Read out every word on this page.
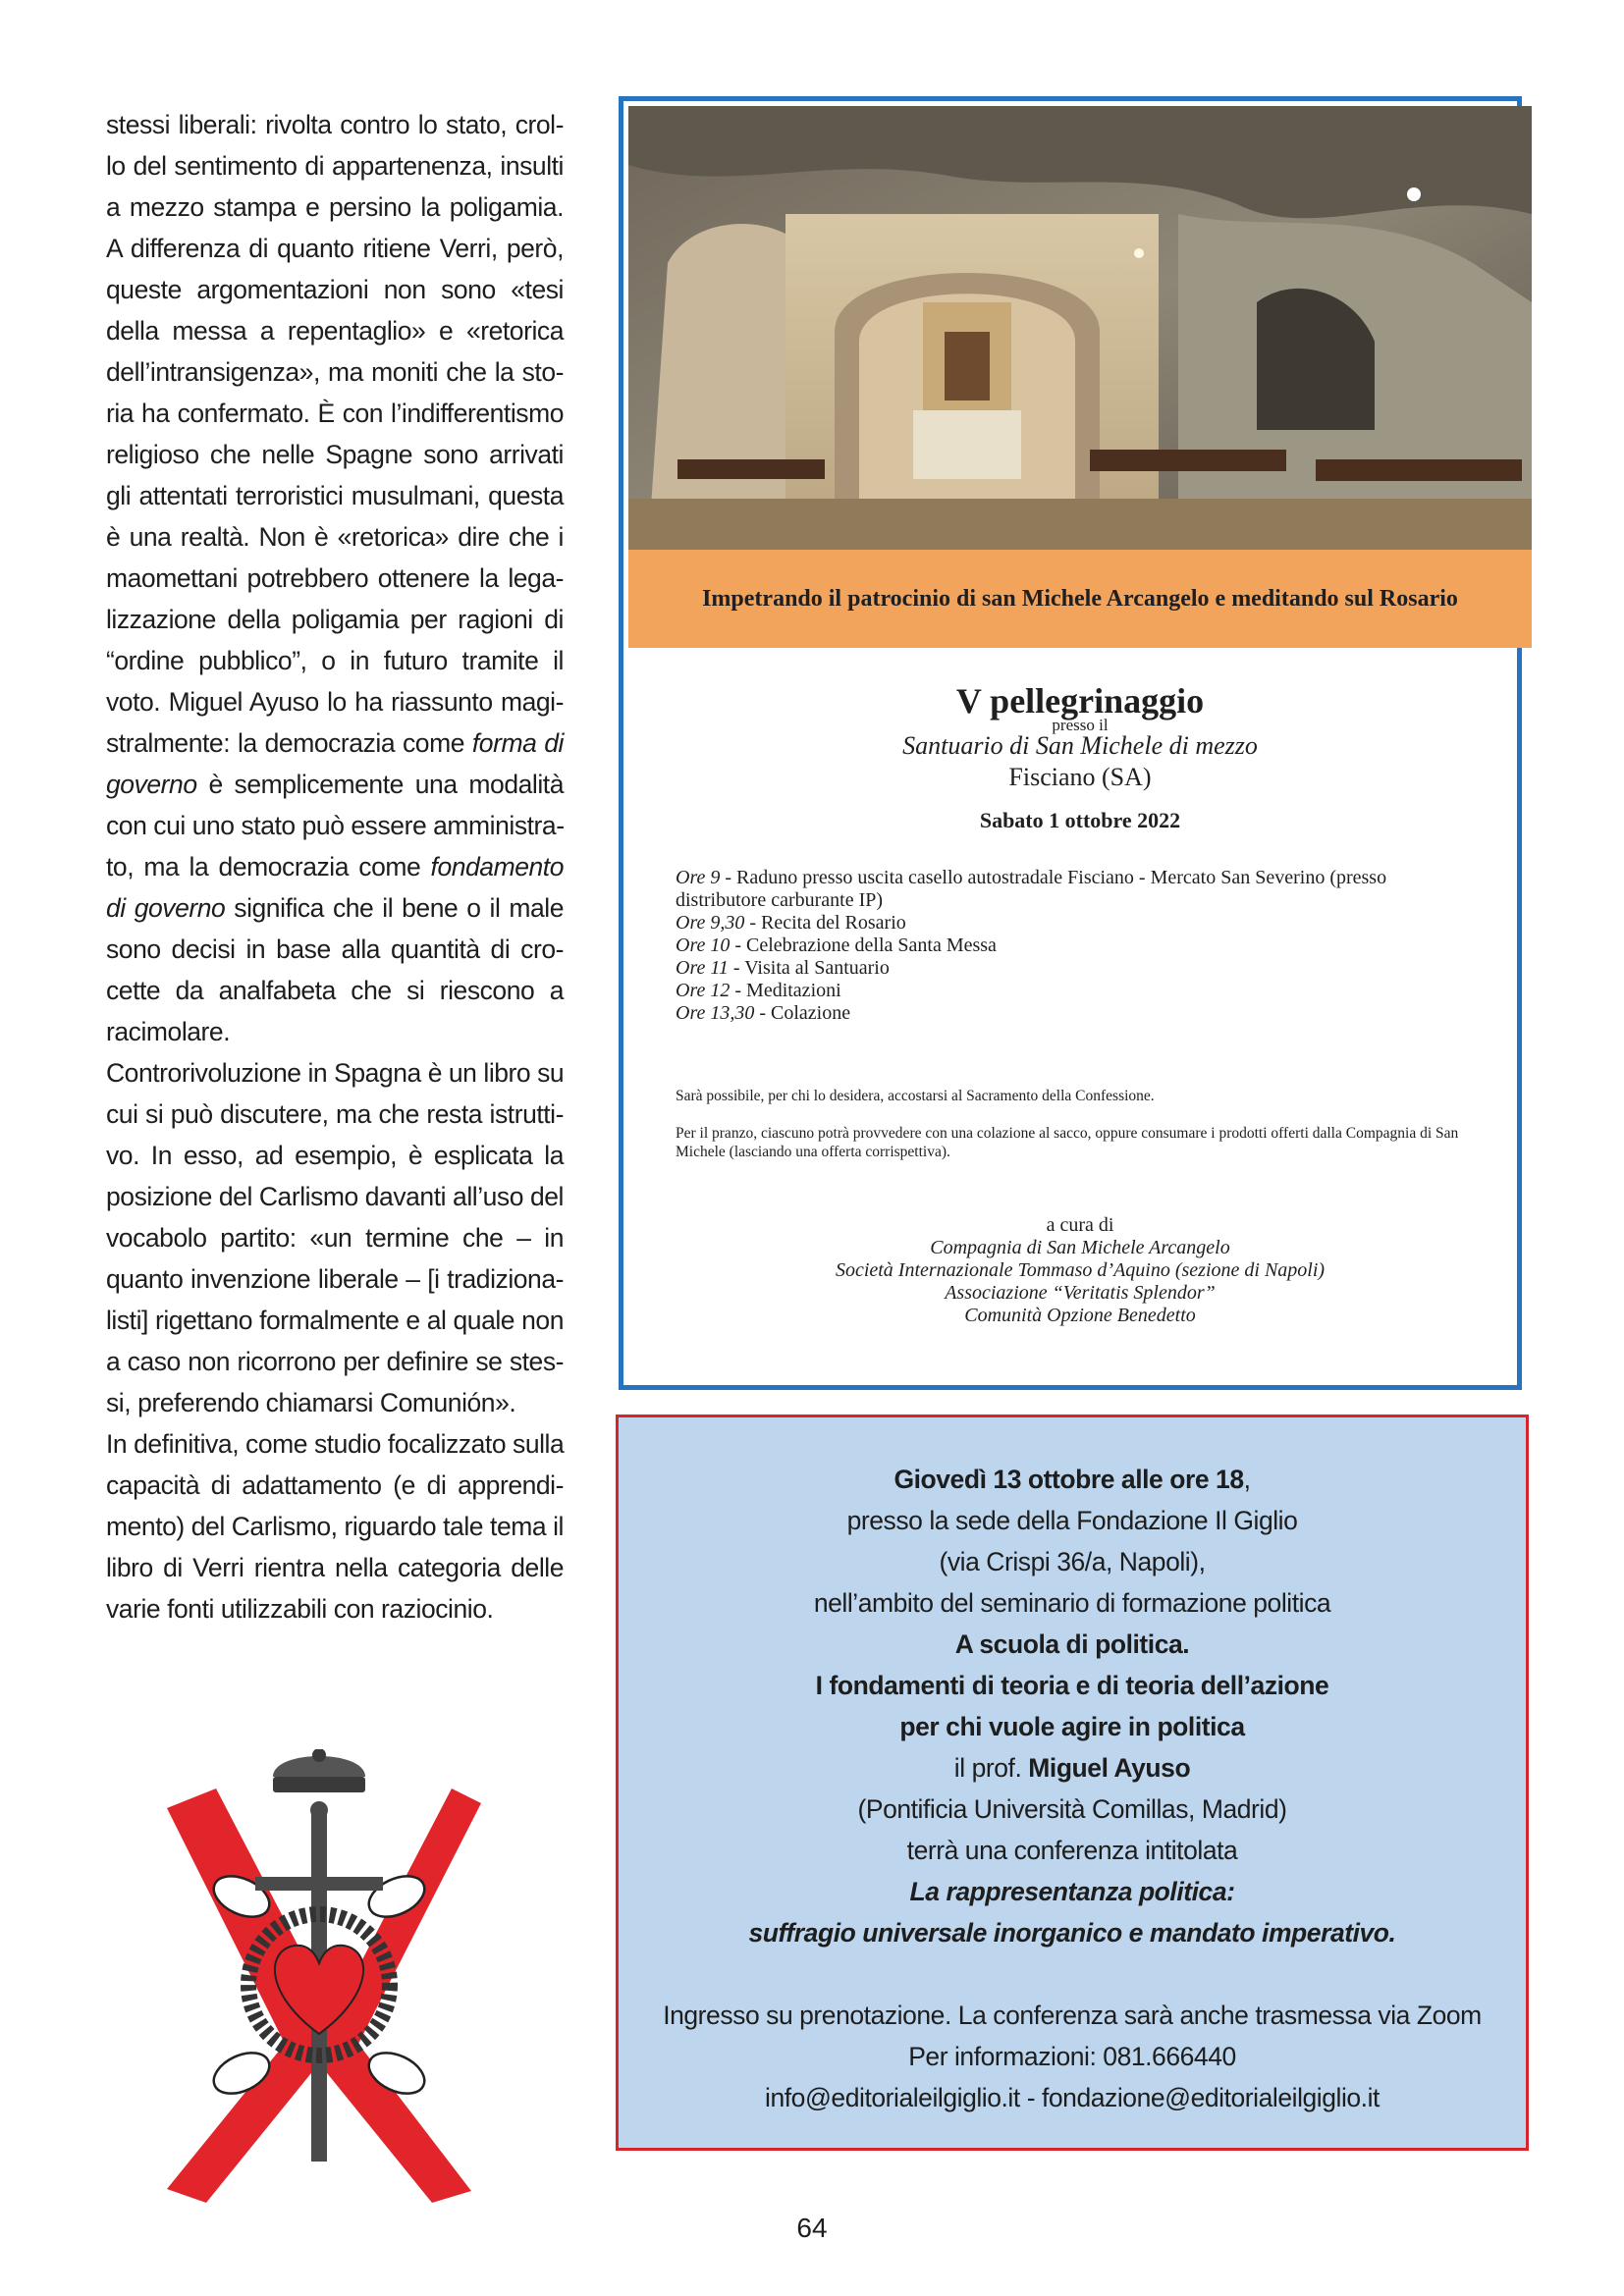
stessi liberali: rivolta contro lo stato, crol-
lo del sentimento di appartenenza, insulti
a mezzo stampa e persino la poligamia.
A differenza di quanto ritiene Verri, però,
queste argomentazioni non sono «tesi
della messa a repentaglio» e «retorica
dell’intransigenza», ma moniti che la sto-
ria ha confermato. È con l’indifferentismo
religioso che nelle Spagne sono arrivati
gli attentati terroristici musulmani, questa
è una realtà. Non è «retorica» dire che i
maomettani potrebbero ottenere la lega-
lizzazione della poligamia per ragioni di
“ordine pubblico”, o in futuro tramite il
voto. Miguel Ayuso lo ha riassunto magi-
stralmente: la democrazia come forma di
governo è semplicemente una modalità
con cui uno stato può essere amministra-
to, ma la democrazia come fondamento
di governo significa che il bene o il male
sono decisi in base alla quantità di cro-
cette da analfabeta che si riescono a
racimolare.
Controrivoluzione in Spagna è un libro su
cui si può discutere, ma che resta istrutti-
vo. In esso, ad esempio, è esplicata la
posizione del Carlismo davanti all’uso del
vocabolo partito: «un termine che – in
quanto invenzione liberale – [i tradiziona-
listi] rigettano formalmente e al quale non
a caso non ricorrono per definire se stes-
si, preferendo chiamarsi Comunión».
In definitiva, come studio focalizzato sulla
capacità di adattamento (e di apprendi-
mento) del Carlismo, riguardo tale tema il
libro di Verri rientra nella categoria delle
varie fonti utilizzabili con raziocinio.
Impetrando il patrocinio di san Michele Arcangelo e meditando sul Rosario
V pellegrinaggio
presso il
Santuario di San Michele di mezzo
Fisciano (SA)
Sabato 1 ottobre 2022
Ore 9 - Raduno presso uscita casello autostradale Fisciano - Mercato San Severino (presso
distributore carburante IP)
Ore 9,30 - Recita del Rosario
Ore 10 - Celebrazione della Santa Messa
Ore 11 - Visita al Santuario
Ore 12 - Meditazioni
Ore 13,30 - Colazione
Sarà possibile, per chi lo desidera, accostarsi al Sacramento della Confessione.
Per il pranzo, ciascuno potrà provvedere con una colazione al sacco, oppure consumare i prodotti offerti dalla Compagnia di San Michele (lasciando una offerta corrispettiva).
a cura di
Compagnia di San Michele Arcangelo
Società Internazionale Tommaso d’Aquino (sezione di Napoli)
Associazione “Veritatis Splendor”
Comunità Opzione Benedetto
Giovedì 13 ottobre alle ore 18,
presso la sede della Fondazione Il Giglio
(via Crispi 36/a, Napoli),
nell’ambito del seminario di formazione politica
A scuola di politica.
I fondamenti di teoria e di teoria dell’azione
per chi vuole agire in politica
il prof. Miguel Ayuso
(Pontificia Università Comillas, Madrid)
terrà una conferenza intitolata
La rappresentanza politica:
suffragio universale inorganico e mandato imperativo.
Ingresso su prenotazione. La conferenza sarà anche trasmessa via Zoom
Per informazioni: 081.666440
info@editorialeilgiglio.it - fondazione@editorialeilgiglio.it
64
